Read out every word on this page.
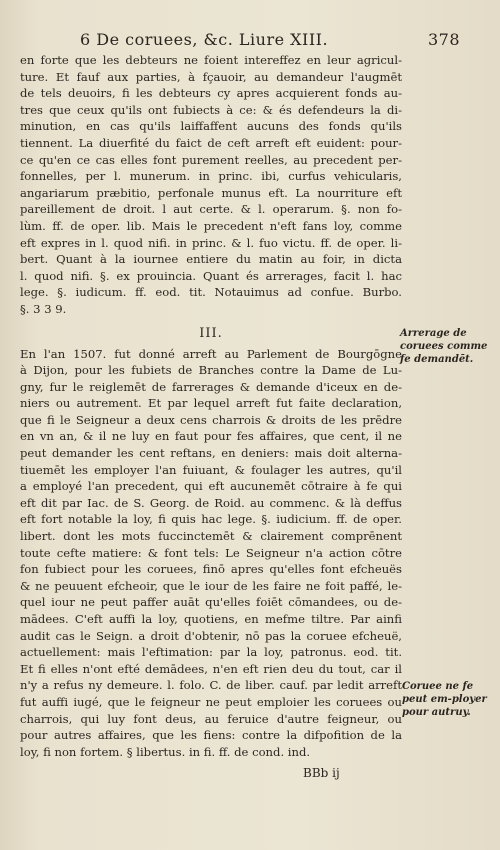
6 De coruees, &c. Liure XIII.	378
en forte que les debteurs ne foient intereffez en leur agricul-
ture. Et fauf aux parties, à fçauoir, au demandeur l'augmēt
de tels deuoirs, fi les debteurs cy apres acquierent fonds au-
tres que ceux qu'ils ont fubiects à ce: & és defendeurs la di-
minution, en cas qu'ils laiffaffent aucuns des fonds qu'ils
tiennent. La diuerfité du faict de ceft arreft eft euident: pour-
ce qu'en ce cas elles font purement reelles, au precedent per-
fonnelles, per l. munerum. in princ. ibi, curfus vehicularis,
angariarum præbitio, perfonale munus eft. La nourriture eft
pareillement de droit. l aut certe. & l. operarum. §. non fo-
lùm. ff. de oper. lib. Mais le precedent n'eft fans loy, comme
eft expres in l. quod nifi. in princ. & l. fuo victu. ff. de oper. li-
bert. Quant à la iournee entiere du matin au foir, in dicta
l. quod nifi. §. ex prouincia. Quant és arrerages, facit l. hac
lege. §. iudicum. ff. eod. tit. Notauimus ad confue. Burbo.
§. 3 3 9.
III.
En l'an 1507. fut donné arreft au Parlement de Bourgōgne
à Dijon, pour les fubiets de Branches contre la Dame de Lu-
gny, fur le reiglemēt de farrerages & demande d'iceux en de-
niers ou autrement. Et par lequel arreft fut faite declaration,
que fi le Seigneur a deux cens charrois & droits de les prēdre
en vn an, & il ne luy en faut pour fes affaires, que cent, il ne
peut demander les cent reftans, en deniers: mais doit alterna-
tiuemēt les employer l'an fuiuant, & foulager les autres, qu'il
a employé l'an precedent, qui eft aucunemēt cōtraire à fe qui
eft dit par Iac. de S. Georg. de Roid. au commenc. & là deffus
eft fort notable la loy, fi quis hac lege. §. iudicium. ff. de oper.
libert. dont les mots fuccinctemēt & clairement comprēnent
toute cefte matiere: & font tels: Le Seigneur n'a action cōtre
fon fubiect pour les coruees, finō apres qu'elles font efcheuës
& ne peuuent efcheoir, que le iour de les faire ne foit paffé, le-
quel iour ne peut paffer auāt qu'elles foiēt cōmandees, ou de-
mādees. C'eft auffi la loy, quotiens, en mefme tiltre. Par ainfi
audit cas le Seign. a droit d'obtenir, nō pas la coruee efcheuë,
actuellement: mais l'eftimation: par la loy, patronus. eod. tit.
Et fi elles n'ont efté demādees, n'en eft rien deu du tout, car il
n'y a refus ny demeure. l. folo. C. de liber. cauf. par ledit arreft
fut auffi iugé, que le feigneur ne peut emploier les coruees ou
charrois, qui luy font deus, au feruice d'autre feigneur, ou
pour autres affaires, que les fiens: contre la difpofition de la
loy, fi non fortem. § libertus. in fi. ff. de cond. ind.
BBb ij
Arrerage de coruees comme fe demandēt.
Coruee ne fe peut em-ployer pour autruy.
